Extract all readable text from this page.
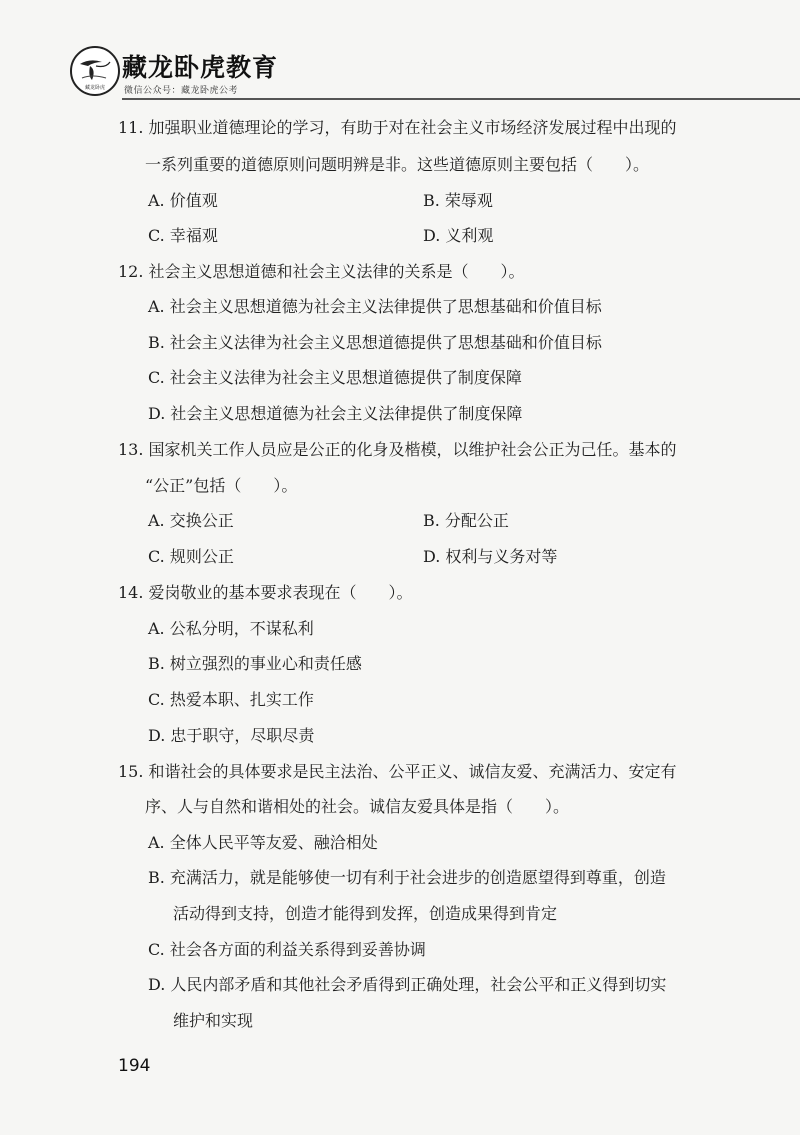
藏龙卧虎
藏龙卧虎教育
微信公众号：藏龙卧虎公考
11. 加强职业道德理论的学习，有助于对在社会主义市场经济发展过程中出现的
一系列重要的道德原则问题明辨是非。这些道德原则主要包括（　　）。
A. 价值观	B. 荣辱观
C. 幸福观	D. 义利观
12. 社会主义思想道德和社会主义法律的关系是（　　）。
A. 社会主义思想道德为社会主义法律提供了思想基础和价值目标
B. 社会主义法律为社会主义思想道德提供了思想基础和价值目标
C. 社会主义法律为社会主义思想道德提供了制度保障
D. 社会主义思想道德为社会主义法律提供了制度保障
13. 国家机关工作人员应是公正的化身及楷模，以维护社会公正为己任。基本的
“公正”包括（　　）。
A. 交换公正	B. 分配公正
C. 规则公正	D. 权利与义务对等
14. 爱岗敬业的基本要求表现在（　　）。
A. 公私分明，不谋私利
B. 树立强烈的事业心和责任感
C. 热爱本职、扎实工作
D. 忠于职守，尽职尽责
15. 和谐社会的具体要求是民主法治、公平正义、诚信友爱、充满活力、安定有
序、人与自然和谐相处的社会。诚信友爱具体是指（　　）。
A. 全体人民平等友爱、融洽相处
B. 充满活力，就是能够使一切有利于社会进步的创造愿望得到尊重，创造
活动得到支持，创造才能得到发挥，创造成果得到肯定
C. 社会各方面的利益关系得到妥善协调
D. 人民内部矛盾和其他社会矛盾得到正确处理，社会公平和正义得到切实
维护和实现
194
